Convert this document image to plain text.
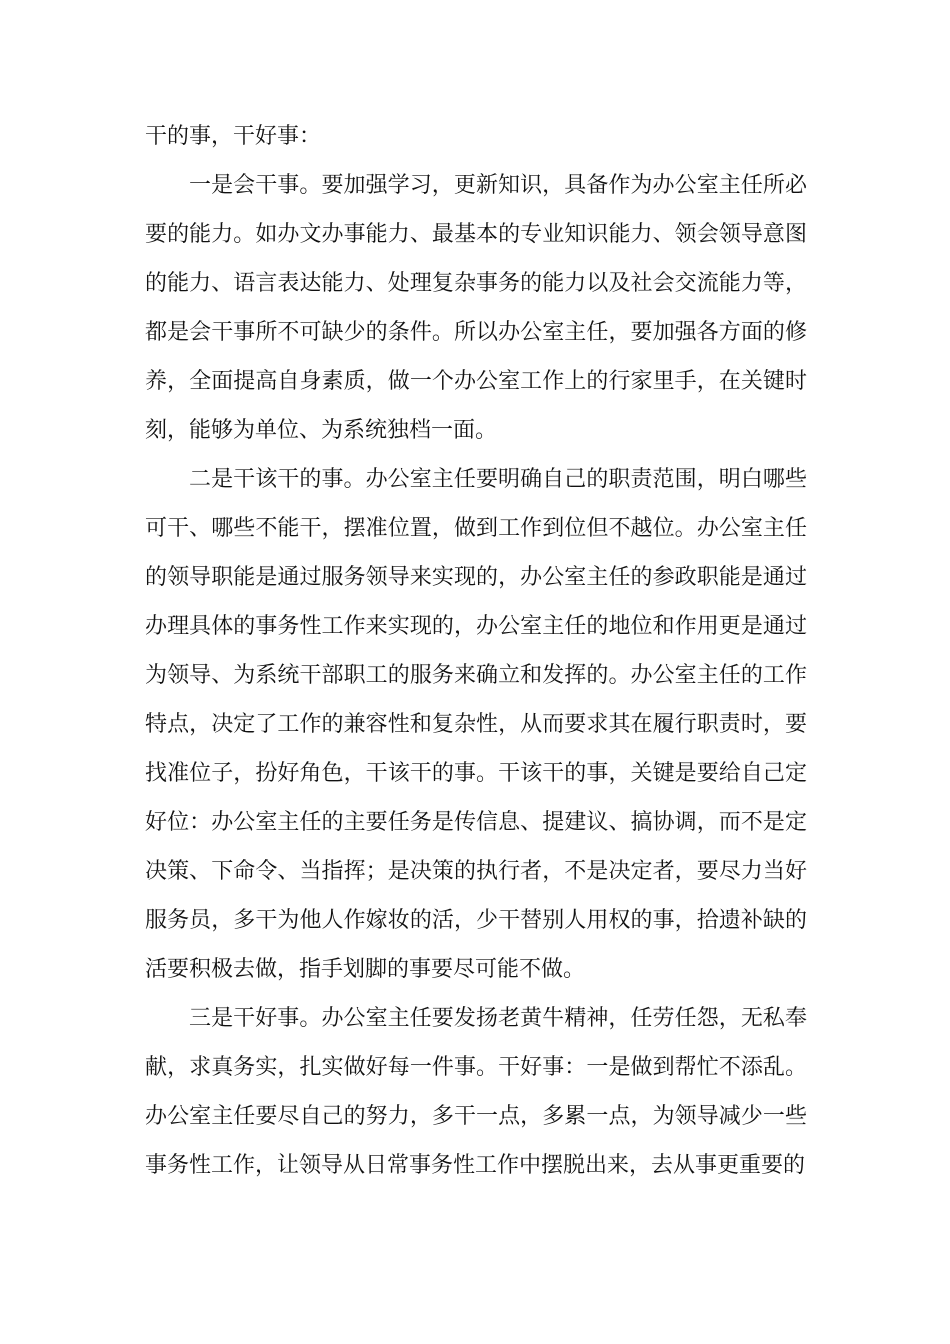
干的事，干好事：

一是会干事。要加强学习，更新知识，具备作为办公室主任所必要的能力。如办文办事能力、最基本的专业知识能力、领会领导意图的能力、语言表达能力、处理复杂事务的能力以及社会交流能力等，都是会干事所不可缺少的条件。所以办公室主任，要加强各方面的修养，全面提高自身素质，做一个办公室工作上的行家里手，在关键时刻，能够为单位、为系统独档一面。

二是干该干的事。办公室主任要明确自己的职责范围，明白哪些可干、哪些不能干，摆准位置，做到工作到位但不越位。办公室主任的领导职能是通过服务领导来实现的，办公室主任的参政职能是通过办理具体的事务性工作来实现的，办公室主任的地位和作用更是通过为领导、为系统干部职工的服务来确立和发挥的。办公室主任的工作特点，决定了工作的兼容性和复杂性，从而要求其在履行职责时，要找准位子，扮好角色，干该干的事。干该干的事，关键是要给自己定好位：办公室主任的主要任务是传信息、提建议、搞协调，而不是定决策、下命令、当指挥；是决策的执行者，不是决定者，要尽力当好服务员，多干为他人作嫁妆的活，少干替别人用权的事，拾遗补缺的活要积极去做，指手划脚的事要尽可能不做。

三是干好事。办公室主任要发扬老黄牛精神，任劳任怨，无私奉献，求真务实，扎实做好每一件事。干好事：一是做到帮忙不添乱。办公室主任要尽自己的努力，多干一点，多累一点，为领导减少一些事务性工作，让领导从日常事务性工作中摆脱出来，去从事更重要的
